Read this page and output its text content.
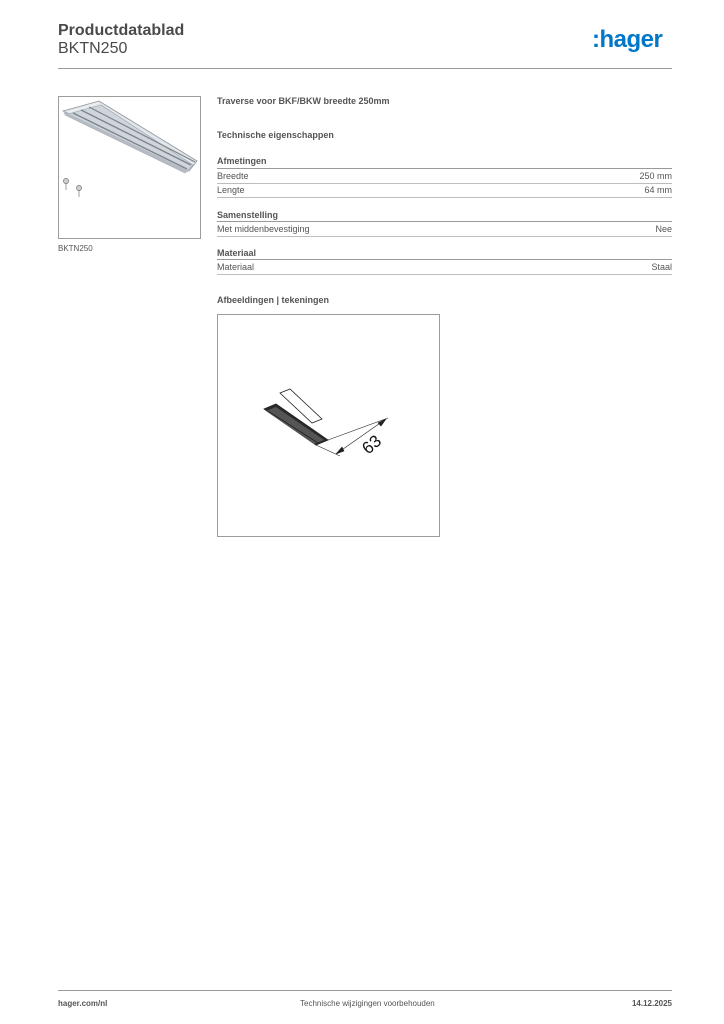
Productdatablad
BKTN250	:hager
BKTN250
Traverse voor BKF/BKW breedte 250mm
Technische eigenschappen
Afmetingen
Breedte	250 mm
Lengte	64 mm
Samenstelling
Met middenbevestiging	Nee
Materiaal
Materiaal	Staal
Afbeeldingen | tekeningen
63
hager.com/nl	Technische wijzigingen voorbehouden	14.12.2025
